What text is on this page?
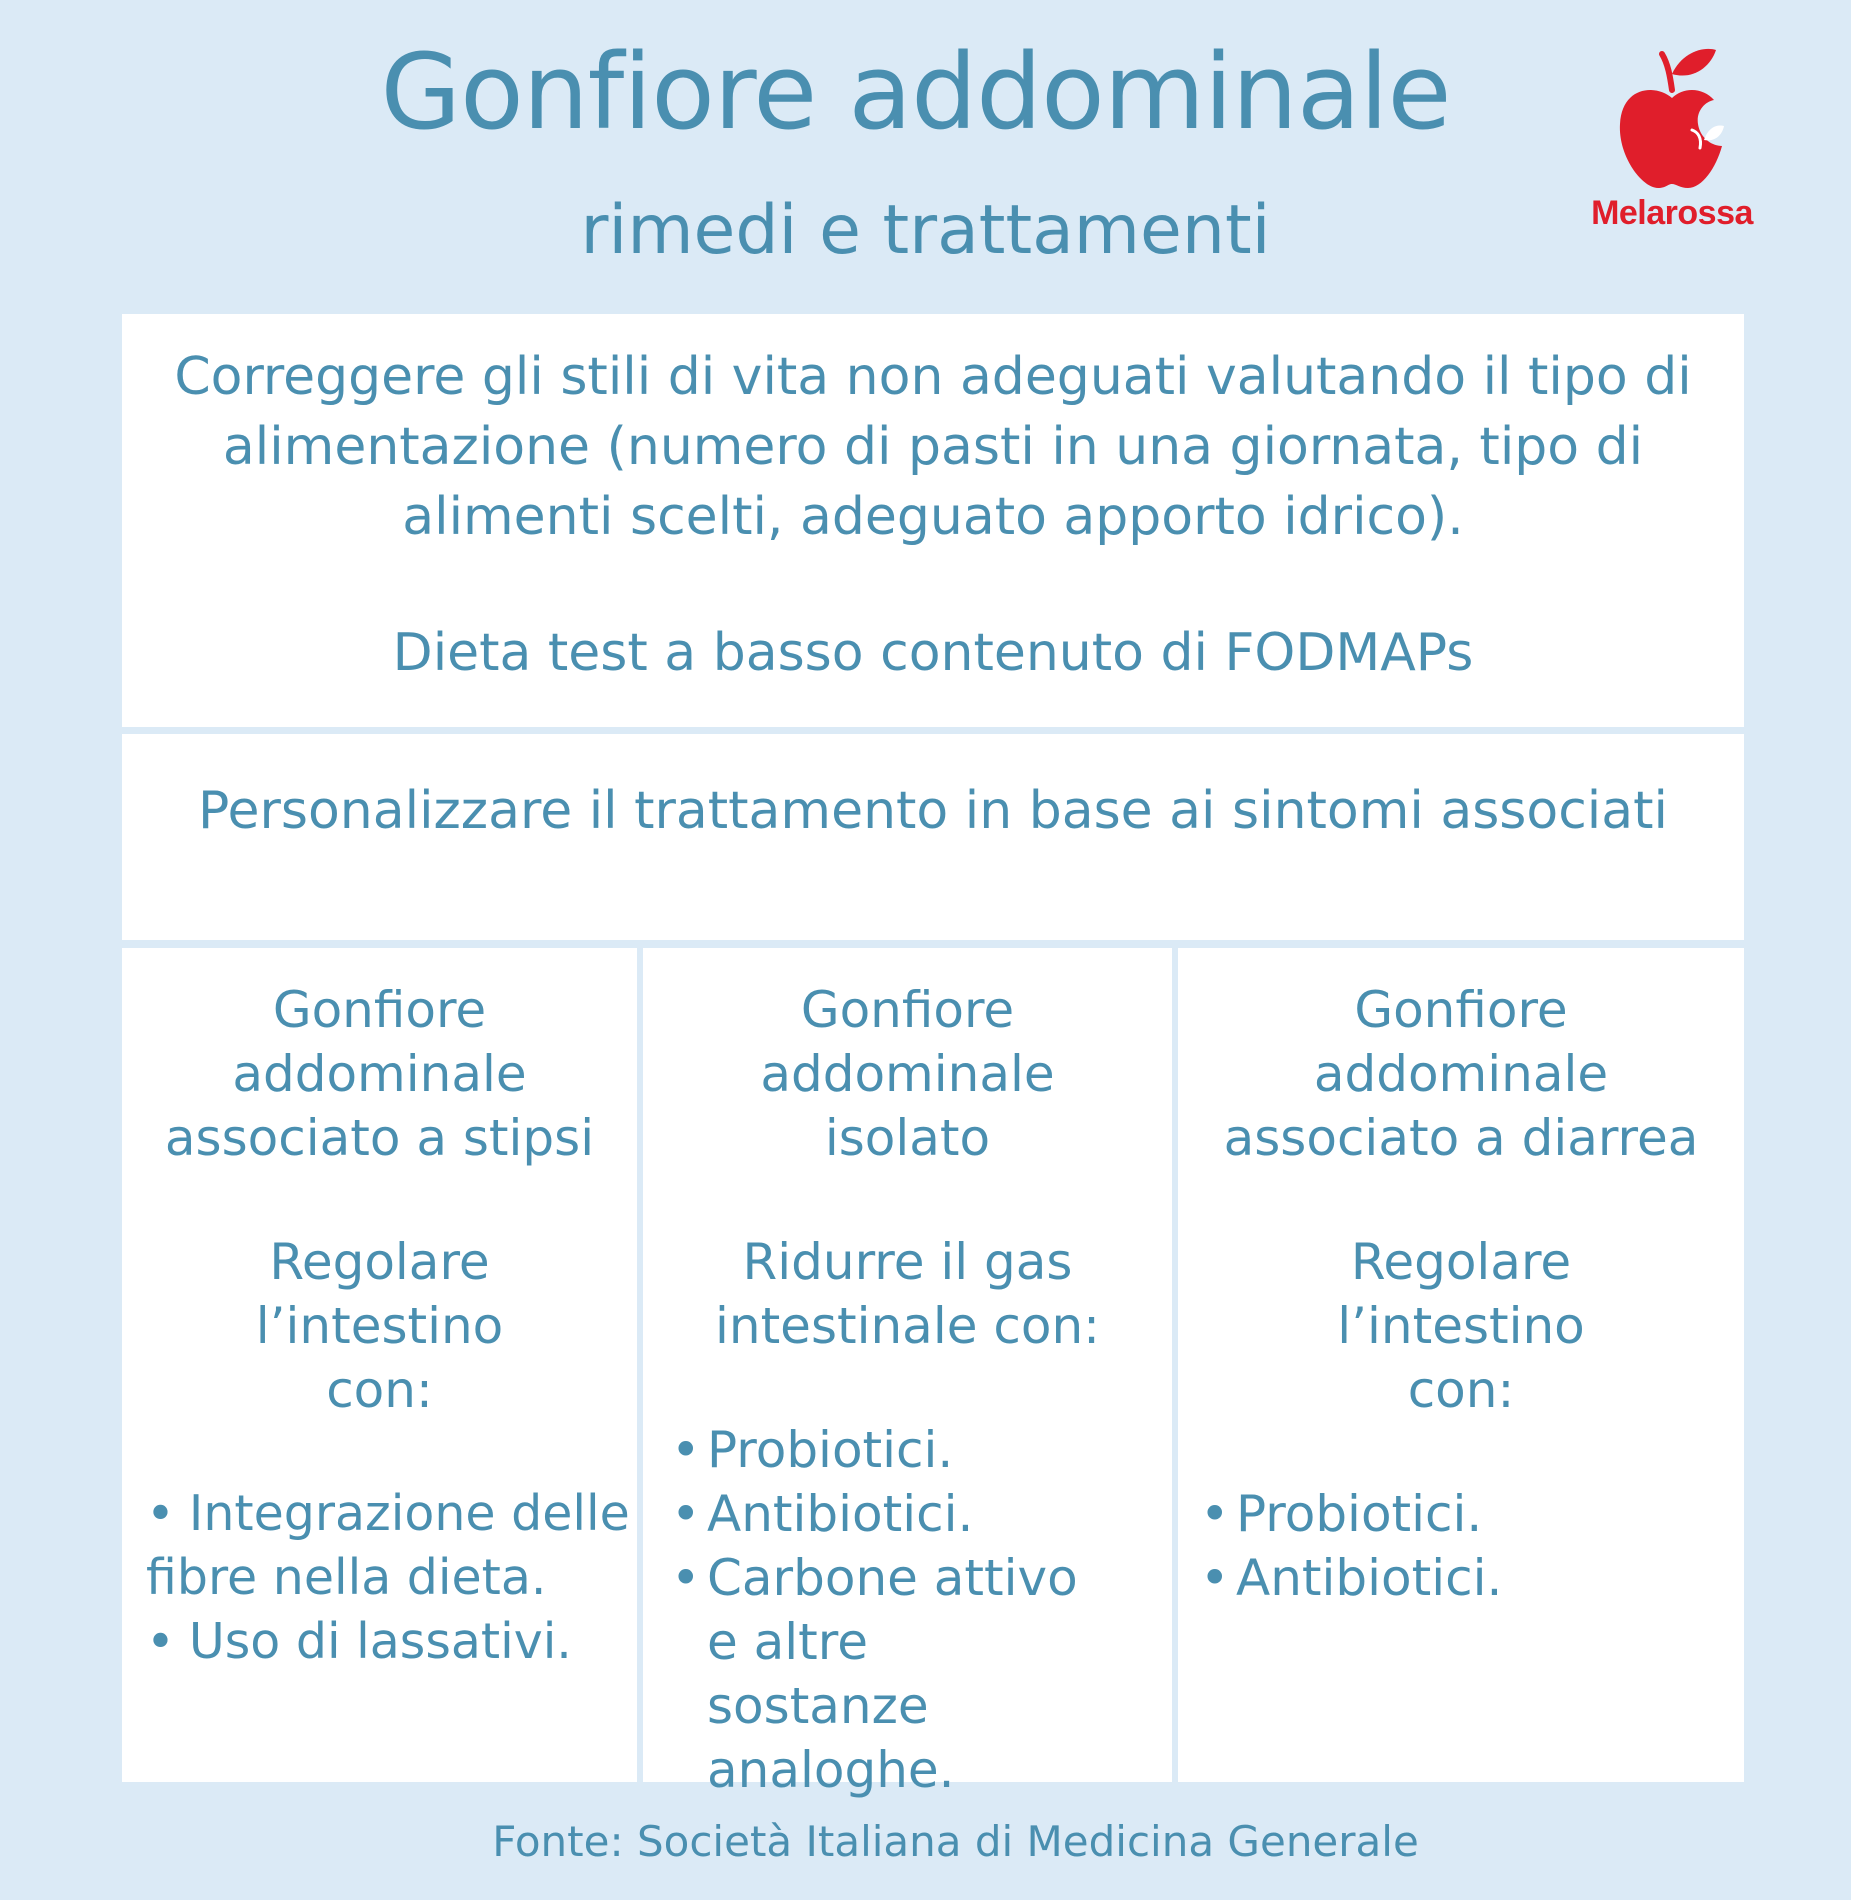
Gonfiore addominale
rimedi e trattamenti	Melarossa
Correggere gli stili di vita non adeguati valutando il tipo di alimentazione (numero di pasti in una giornata, tipo di alimenti scelti, adeguato apporto idrico).
Dieta test a basso contenuto di FODMAPs
Personalizzare il trattamento in base ai sintomi associati
Gonfiore addominale associato a stipsi
Regolare l’intestino con:
• Integrazione delle fibre nella dieta.
• Uso di lassativi.
Gonfiore addominale isolato
Ridurre il gas intestinale con:
• Probiotici.
• Antibiotici.
• Carbone attivo e altre sostanze analoghe.
Gonfiore addominale associato a diarrea
Regolare l’intestino con:
• Probiotici.
• Antibiotici.
Fonte: Società Italiana di Medicina Generale
